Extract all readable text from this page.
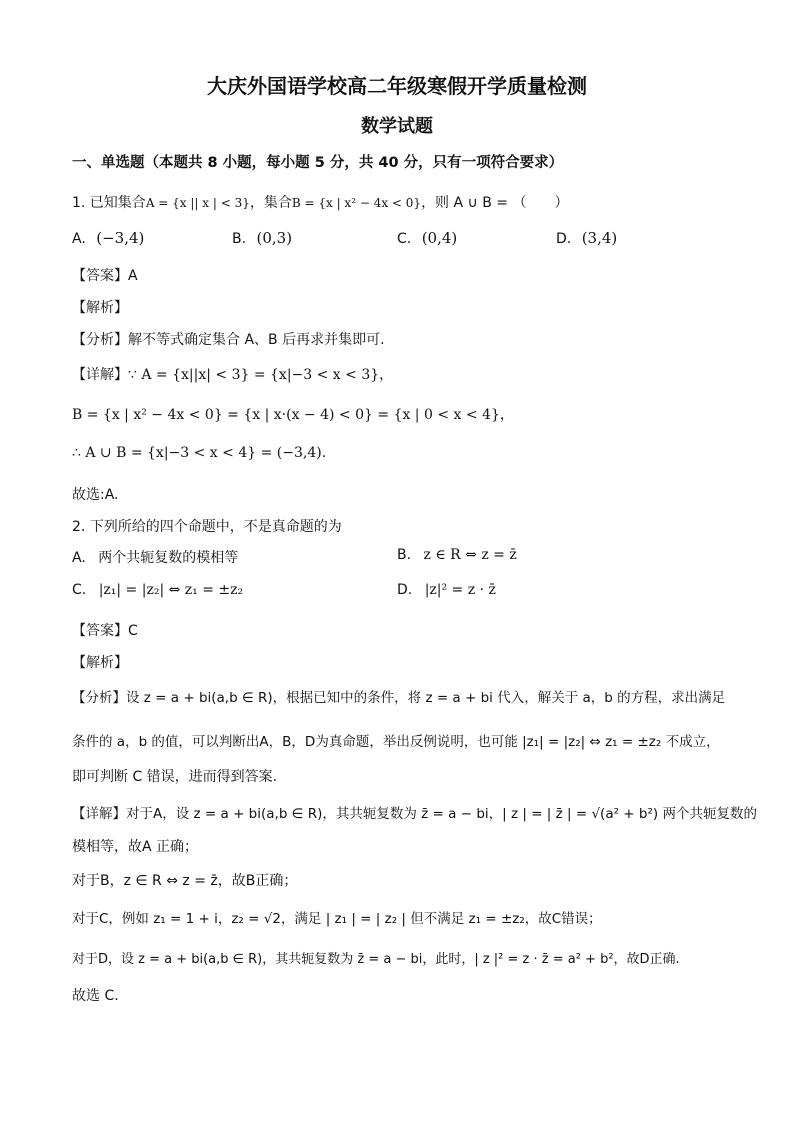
大庆外国语学校高二年级寒假开学质量检测
数学试题
一、单选题（本题共 8 小题，每小题 5 分，共 40 分，只有一项符合要求）
1. 已知集合A = {x || x | < 3}，集合B = {x | x² − 4x < 0}，则 A ∪ B = （　　）
A. (−3,4)	B. (0,3)	C. (0,4)	D. (3,4)
【答案】A
【解析】
【分析】解不等式确定集合 A、B 后再求并集即可.
【详解】∵ A = {x||x| < 3} = {x|−3 < x < 3}，
B = {x | x² − 4x < 0} = {x | x·(x − 4) < 0} = {x | 0 < x < 4}，
∴ A ∪ B = {x|−3 < x < 4} = (−3,4).
故选:A.
2. 下列所给的四个命题中，不是真命题的为
A. 两个共轭复数的模相等	B. z ∈ R ⇔ z = z̄
C. |z₁| = |z₂| ⇔ z₁ = ±z₂	D. |z|² = z · z̄
【答案】C
【解析】
【分析】设 z = a + bi(a,b ∈ R)，根据已知中的条件，将 z = a + bi 代入，解关于 a，b 的方程，求出满足
条件的 a，b 的值，可以判断出A，B，D为真命题，举出反例说明，也可能 |z₁| = |z₂| ⇔ z₁ = ±z₂ 不成立，
即可判断 C 错误，进而得到答案.
【详解】对于A，设 z = a + bi(a,b ∈ R)，其共轭复数为 z̄ = a − bi，| z | = | z̄ | = √(a² + b²) 两个共轭复数的
模相等，故A 正确；
对于B，z ∈ R ⇔ z = z̄，故B正确；
对于C，例如 z₁ = 1 + i，z₂ = √2，满足 | z₁ | = | z₂ | 但不满足 z₁ = ±z₂，故C错误；
对于D，设 z = a + bi(a,b ∈ R)，其共轭复数为 z̄ = a − bi，此时，| z |² = z · z̄ = a² + b²，故D正确.
故选 C.
